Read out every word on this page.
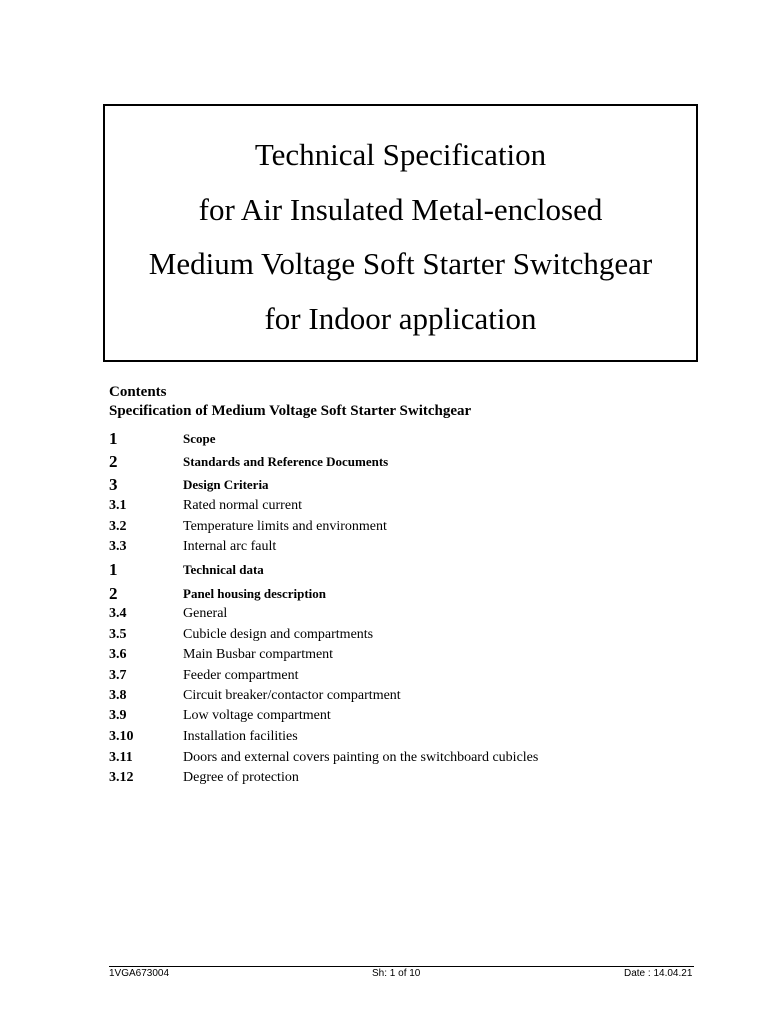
Technical Specification
for Air Insulated Metal-enclosed
Medium Voltage Soft Starter Switchgear
for Indoor application
Contents
Specification of Medium Voltage Soft Starter Switchgear
1	Scope
2	Standards and Reference Documents
3	Design Criteria
3.1	Rated normal current
3.2	Temperature limits and environment
3.3	Internal arc fault
1	Technical data
2	Panel housing description
3.4	General
3.5	Cubicle design and compartments
3.6	Main Busbar compartment
3.7	Feeder compartment
3.8	Circuit breaker/contactor compartment
3.9	Low voltage compartment
3.10	Installation facilities
3.11	Doors and external covers painting on the switchboard cubicles
3.12	Degree of protection
1VGA673004	Sh: 1 of 10	Date : 14.04.21
